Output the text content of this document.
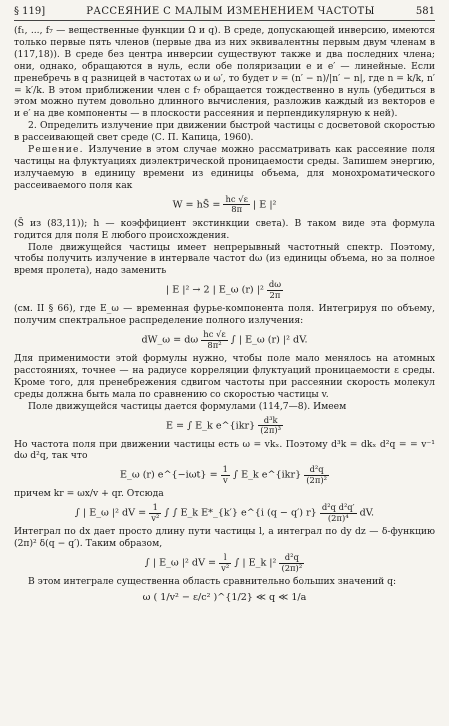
§ 119]	РАССЕЯНИЕ С МАЛЫМ ИЗМЕНЕНИЕМ ЧАСТОТЫ	581

(f₁, ..., f₇ — вещественные функции Ω и q). В среде, допускающей инверсию, имеются только первые пять членов (первые два из них эквивалентны первым двум членам в (117,18)). В среде без центра инверсии существуют также и два последних члена; они, однако, обращаются в нуль, если обе поляризации e и e′ — линейные. Если пренебречь в q разницей в частотах ω и ω′, то будет ν = (n′ − n)/|n′ − n|, где n = k/k, n′ = k′/k. В этом приближении член с f₇ обращается тождественно в нуль (убедиться в этом можно путем довольно длинного вычисления, разложив каждый из векторов e и e′ на две компоненты — в плоскости рассеяния и перпендикулярную к ней).

2. Определить излучение при движении быстрой частицы с досветовой скоростью в рассеивающей свет среде (С. П. Капица, 1960).

Решение. Излучение в этом случае можно рассматривать как рассеяние поля частицы на флуктуациях диэлектрической проницаемости среды. Запишем энергию, излучаемую в единицу времени из единицы объема, для монохроматического рассеиваемого поля как

W = hS̄ = $\frac{hc √\varepsilon}{8\pi}$ | E |²

(S̄ из (83,11)); h — коэффициент экстинкции света). В таком виде эта формула годится для поля E любого происхождения.

Поле движущейся частицы имеет непрерывный частотный спектр. Поэтому, чтобы получить излучение в интервале частот dω (из единицы объема, но за полное время пролета), надо заменить

| E |² → 2 | E_ω (r) $|^2 \frac{d\omega}{2\pi}$

(см. II § 66), где E_ω — временная фурье-компонента поля. Интегрируя по объему, получим спектральное распределение полного излучения:

dW_ω = dω $\frac{hc √\varepsilon}{\text{8π²}}$ ∫ | E_ω (r) |² dV.

Для применимости этой формулы нужно, чтобы поле мало менялось на атомных расстояниях, точнее — на радиусе корреляции флуктуаций проницаемости ε среды. Кроме того, для пренебрежения сдвигом частоты при рассеянии скорость молекул среды должна быть мала по сравнению со скоростью частицы v.

Поле движущейся частицы дается формулами (114,7—8). Имеем

E = ∫ E_k e^{ikr} $\frac{\text{d³k}}{\text{(2π)³}}$

Но частота поля при движении частицы есть ω = vkₓ. Поэтому d³k = dkₓ d²q = = v⁻¹ dω d²q, так что

E_ω (r) e^{−iωt} = $\frac{1}{v}$ ∫ E_k e^{ikr} $\frac{\text{d²q}}{\text{(2π)²}}$

причем kr = ωx/v + qr. Отсюда

∫ | E_ω |² dV = $\frac{1}{\text{v²}}$ ∫ ∫ E_k E*_{k′} e^{i (q − q′) $r\} \frac{\text{d²q d²q′}}{\text{(2π)⁴}}$ dV.

Интеграл по dx дает просто длину пути частицы l, а интеграл по dy dz — δ-функцию (2π)² δ(q − q′). Таким образом,

∫ | E_ω |² dV = $\frac{l}{\text{v²}}$ ∫ | E_k $|^2 \frac{\text{d²q}}{\text{(2π)²}}$

В этом интеграле существенна область сравнительно больших значений q:

ω ( 1/v² − ε/c² )^{1/2} ≪ q ≪ 1/a
